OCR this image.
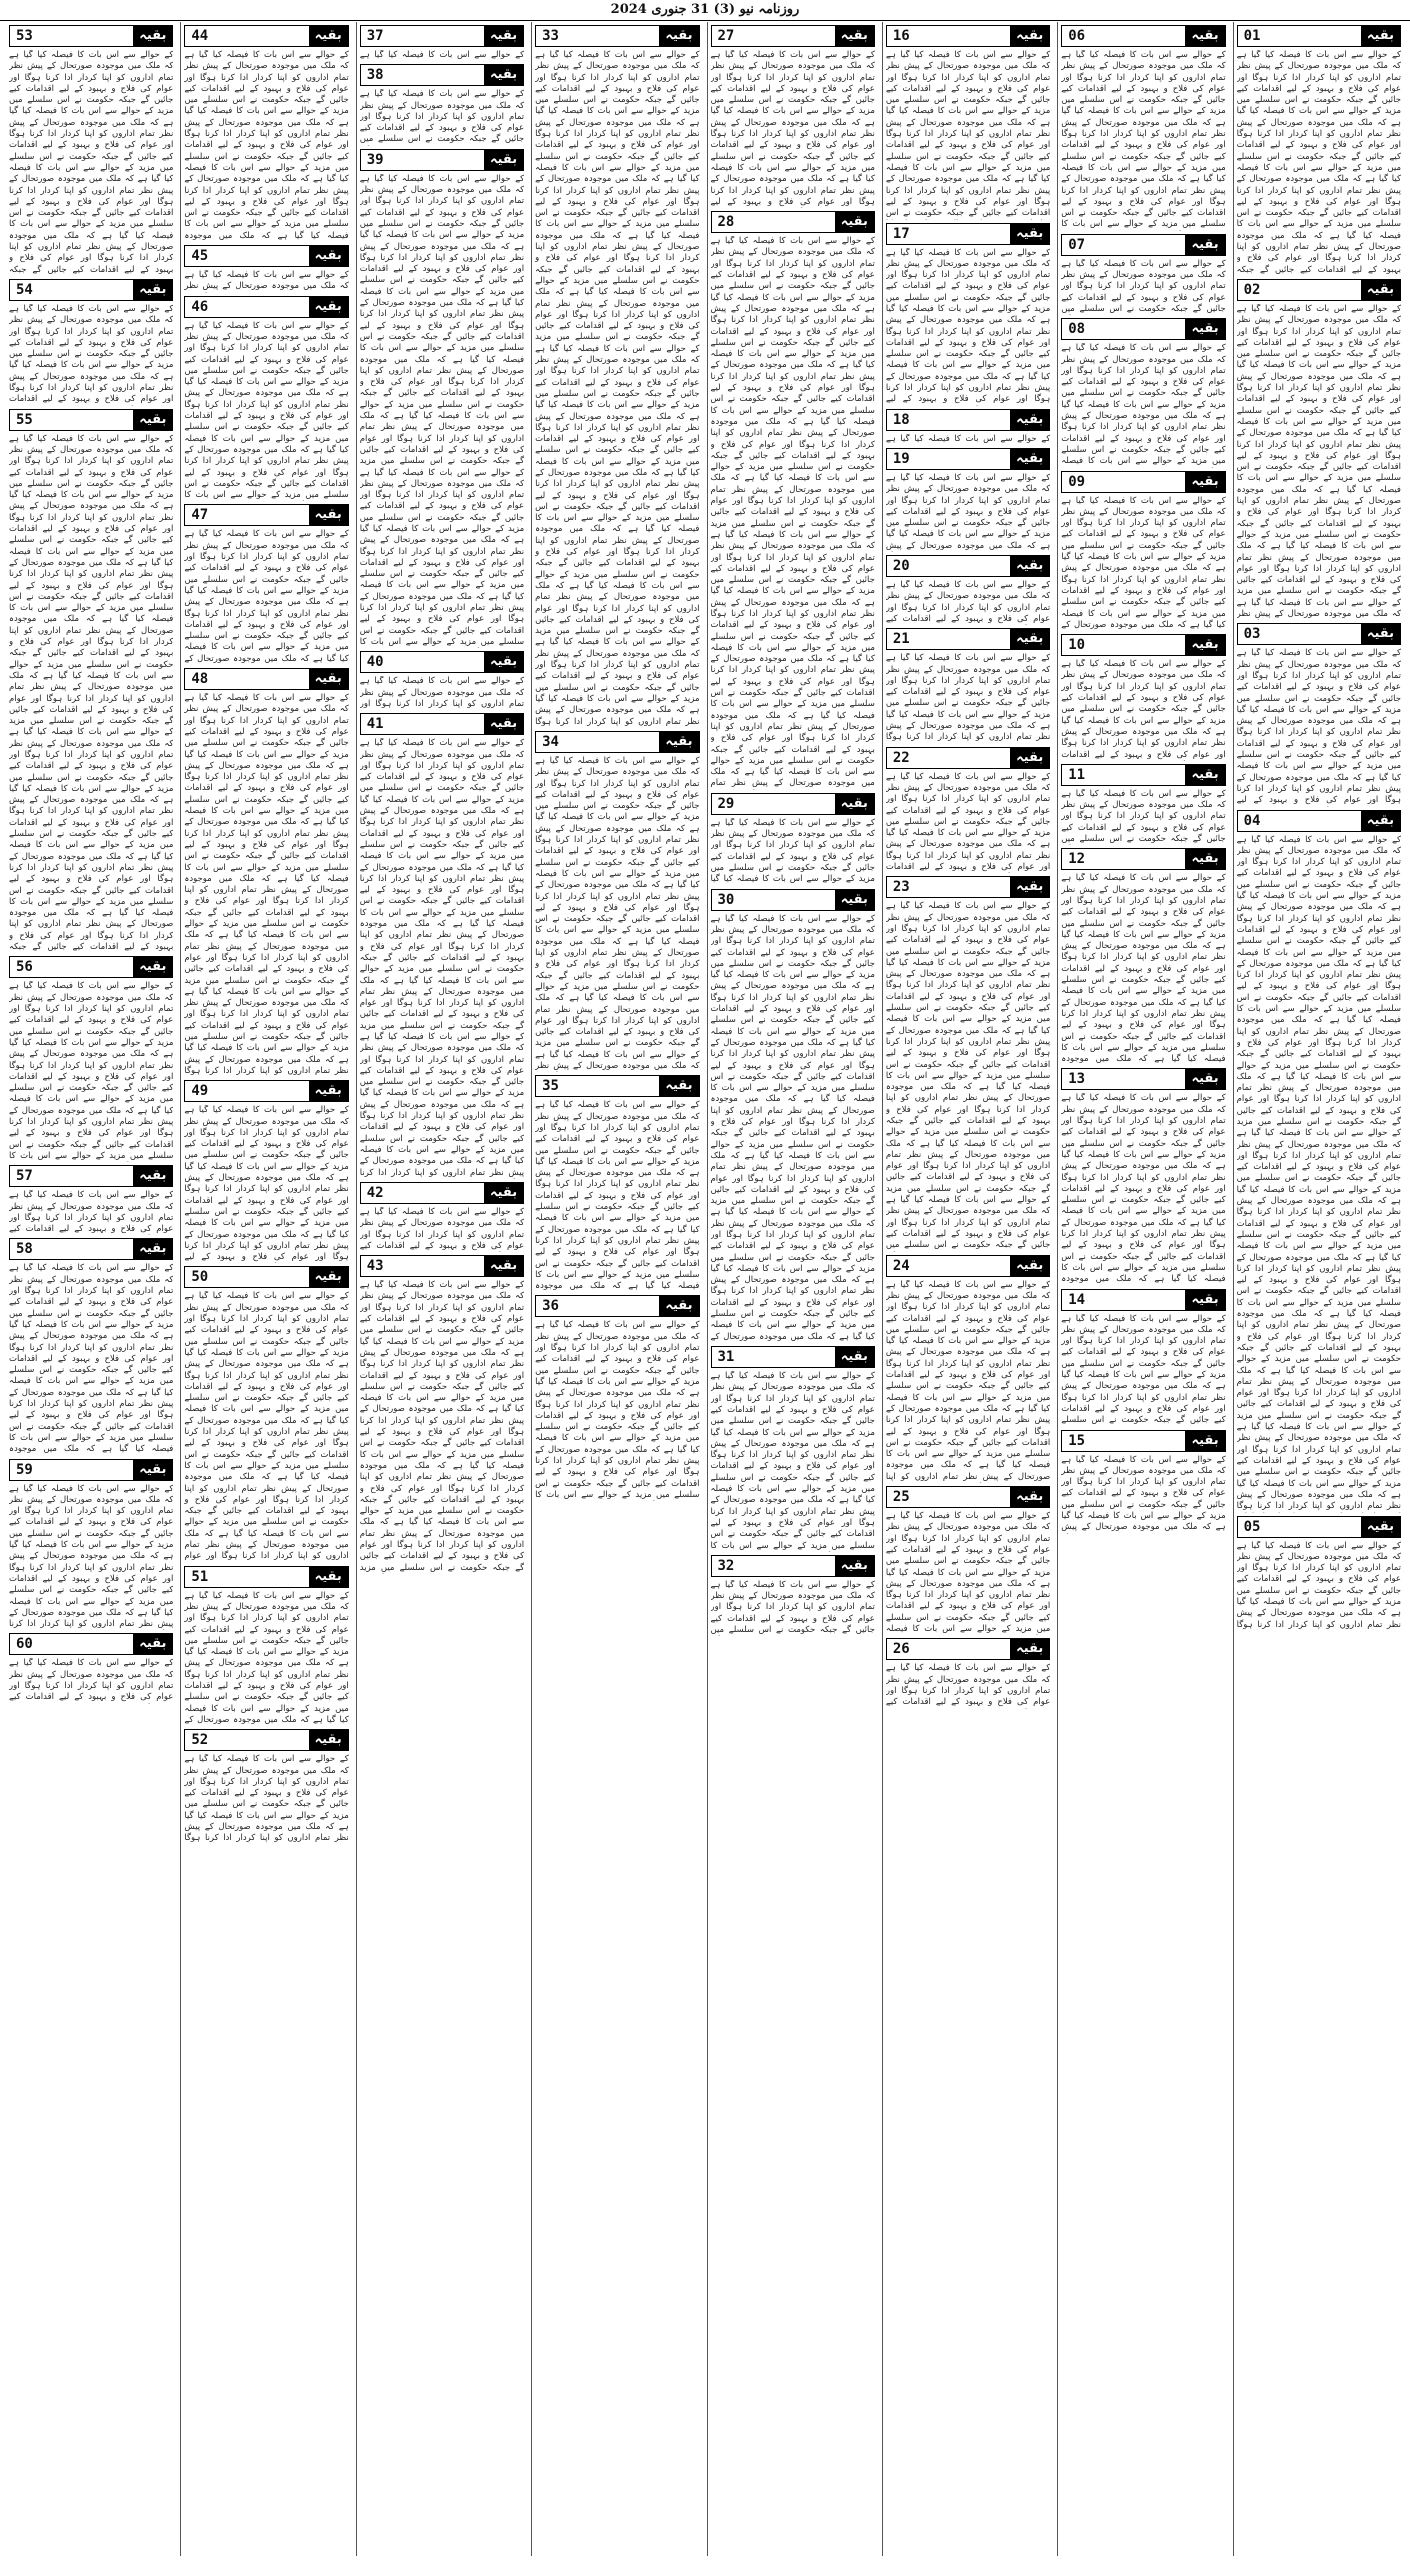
روزنامہ نیو (3) 31 جنوری 2024
بقیہ
01

کے حوالے سے اس بات کا فیصلہ کیا گیا ہے کہ ملک میں موجودہ صورتحال کے پیش نظر تمام اداروں کو اپنا کردار ادا کرنا ہوگا اور عوام کی فلاح و بہبود کے لیے اقدامات کیے جائیں گے جبکہ حکومت نے اس سلسلے میں مزید کے حوالے سے اس بات کا فیصلہ کیا گیا ہے کہ ملک میں موجودہ صورتحال کے پیش نظر تمام اداروں کو اپنا کردار ادا کرنا ہوگا اور عوام کی فلاح و بہبود کے لیے اقدامات کیے جائیں گے جبکہ حکومت نے اس سلسلے میں مزید کے حوالے سے اس بات کا فیصلہ کیا گیا ہے کہ ملک میں موجودہ صورتحال کے پیش نظر تمام اداروں کو اپنا کردار ادا کرنا ہوگا اور عوام کی فلاح و بہبود کے لیے اقدامات کیے جائیں گے جبکہ حکومت نے اس سلسلے میں مزید کے حوالے سے اس بات کا فیصلہ کیا گیا ہے کہ ملک میں موجودہ صورتحال کے پیش نظر تمام اداروں کو اپنا کردار ادا کرنا ہوگا اور عوام کی فلاح و بہبود کے لیے اقدامات کیے جائیں گے جبکہ

بقیہ
02

کے حوالے سے اس بات کا فیصلہ کیا گیا ہے کہ ملک میں موجودہ صورتحال کے پیش نظر تمام اداروں کو اپنا کردار ادا کرنا ہوگا اور عوام کی فلاح و بہبود کے لیے اقدامات کیے جائیں گے جبکہ حکومت نے اس سلسلے میں مزید کے حوالے سے اس بات کا فیصلہ کیا گیا ہے کہ ملک میں موجودہ صورتحال کے پیش نظر تمام اداروں کو اپنا کردار ادا کرنا ہوگا اور عوام کی فلاح و بہبود کے لیے اقدامات کیے جائیں گے جبکہ حکومت نے اس سلسلے میں مزید کے حوالے سے اس بات کا فیصلہ کیا گیا ہے کہ ملک میں موجودہ صورتحال کے پیش نظر تمام اداروں کو اپنا کردار ادا کرنا ہوگا اور عوام کی فلاح و بہبود کے لیے اقدامات کیے جائیں گے جبکہ حکومت نے اس سلسلے میں مزید کے حوالے سے اس بات کا فیصلہ کیا گیا ہے کہ ملک میں موجودہ صورتحال کے پیش نظر تمام اداروں کو اپنا کردار ادا کرنا ہوگا اور عوام کی فلاح و بہبود کے لیے اقدامات کیے جائیں گے جبکہ حکومت نے اس سلسلے میں مزید کے حوالے سے اس بات کا فیصلہ کیا گیا ہے کہ ملک میں موجودہ صورتحال کے پیش نظر تمام اداروں کو اپنا کردار ادا کرنا ہوگا اور عوام کی فلاح و بہبود کے لیے اقدامات کیے جائیں گے جبکہ حکومت نے اس سلسلے میں مزید کے حوالے سے اس بات کا فیصلہ کیا گیا ہے کہ ملک میں موجودہ صورتحال کے پیش نظر

بقیہ
03

کے حوالے سے اس بات کا فیصلہ کیا گیا ہے کہ ملک میں موجودہ صورتحال کے پیش نظر تمام اداروں کو اپنا کردار ادا کرنا ہوگا اور عوام کی فلاح و بہبود کے لیے اقدامات کیے جائیں گے جبکہ حکومت نے اس سلسلے میں مزید کے حوالے سے اس بات کا فیصلہ کیا گیا ہے کہ ملک میں موجودہ صورتحال کے پیش نظر تمام اداروں کو اپنا کردار ادا کرنا ہوگا اور عوام کی فلاح و بہبود کے لیے اقدامات کیے جائیں گے جبکہ حکومت نے اس سلسلے میں مزید کے حوالے سے اس بات کا فیصلہ کیا گیا ہے کہ ملک میں موجودہ صورتحال کے پیش نظر تمام اداروں کو اپنا کردار ادا کرنا ہوگا اور عوام کی فلاح و بہبود کے لیے

بقیہ
04

کے حوالے سے اس بات کا فیصلہ کیا گیا ہے کہ ملک میں موجودہ صورتحال کے پیش نظر تمام اداروں کو اپنا کردار ادا کرنا ہوگا اور عوام کی فلاح و بہبود کے لیے اقدامات کیے جائیں گے جبکہ حکومت نے اس سلسلے میں مزید کے حوالے سے اس بات کا فیصلہ کیا گیا ہے کہ ملک میں موجودہ صورتحال کے پیش نظر تمام اداروں کو اپنا کردار ادا کرنا ہوگا اور عوام کی فلاح و بہبود کے لیے اقدامات کیے جائیں گے جبکہ حکومت نے اس سلسلے میں مزید کے حوالے سے اس بات کا فیصلہ کیا گیا ہے کہ ملک میں موجودہ صورتحال کے پیش نظر تمام اداروں کو اپنا کردار ادا کرنا ہوگا اور عوام کی فلاح و بہبود کے لیے اقدامات کیے جائیں گے جبکہ حکومت نے اس سلسلے میں مزید کے حوالے سے اس بات کا فیصلہ کیا گیا ہے کہ ملک میں موجودہ صورتحال کے پیش نظر تمام اداروں کو اپنا کردار ادا کرنا ہوگا اور عوام کی فلاح و بہبود کے لیے اقدامات کیے جائیں گے جبکہ حکومت نے اس سلسلے میں مزید کے حوالے سے اس بات کا فیصلہ کیا گیا ہے کہ ملک میں موجودہ صورتحال کے پیش نظر تمام اداروں کو اپنا کردار ادا کرنا ہوگا اور عوام کی فلاح و بہبود کے لیے اقدامات کیے جائیں گے جبکہ حکومت نے اس سلسلے میں مزید کے حوالے سے اس بات کا فیصلہ کیا گیا ہے کہ ملک میں موجودہ صورتحال کے پیش نظر تمام اداروں کو اپنا کردار ادا کرنا ہوگا اور عوام کی فلاح و بہبود کے لیے اقدامات کیے جائیں گے جبکہ حکومت نے اس سلسلے میں مزید کے حوالے سے اس بات کا فیصلہ کیا گیا ہے کہ ملک میں موجودہ صورتحال کے پیش نظر تمام اداروں کو اپنا کردار ادا کرنا ہوگا اور عوام کی فلاح و بہبود کے لیے اقدامات کیے جائیں گے جبکہ حکومت نے اس سلسلے میں مزید کے حوالے سے اس بات کا فیصلہ کیا گیا ہے کہ ملک میں موجودہ صورتحال کے پیش نظر تمام اداروں کو اپنا کردار ادا کرنا ہوگا اور عوام کی فلاح و بہبود کے لیے اقدامات کیے جائیں گے جبکہ حکومت نے اس سلسلے میں مزید کے حوالے سے اس بات کا فیصلہ کیا گیا ہے کہ ملک میں موجودہ صورتحال کے پیش نظر تمام اداروں کو اپنا کردار ادا کرنا ہوگا اور عوام کی فلاح و بہبود کے لیے اقدامات کیے جائیں گے جبکہ حکومت نے اس سلسلے میں مزید کے حوالے سے اس بات کا فیصلہ کیا گیا ہے کہ ملک میں موجودہ صورتحال کے پیش نظر تمام اداروں کو اپنا کردار ادا کرنا ہوگا اور عوام کی فلاح و بہبود کے لیے اقدامات کیے جائیں گے جبکہ حکومت نے اس سلسلے میں مزید کے حوالے سے اس بات کا فیصلہ کیا گیا ہے کہ ملک میں موجودہ صورتحال کے پیش نظر تمام اداروں کو اپنا کردار ادا کرنا ہوگا اور عوام کی فلاح و بہبود کے لیے اقدامات کیے جائیں گے جبکہ حکومت نے اس سلسلے میں مزید کے حوالے سے اس بات کا فیصلہ کیا گیا ہے کہ ملک میں موجودہ صورتحال کے پیش نظر تمام اداروں کو اپنا کردار ادا کرنا ہوگا

بقیہ
05

کے حوالے سے اس بات کا فیصلہ کیا گیا ہے کہ ملک میں موجودہ صورتحال کے پیش نظر تمام اداروں کو اپنا کردار ادا کرنا ہوگا اور عوام کی فلاح و بہبود کے لیے اقدامات کیے جائیں گے جبکہ حکومت نے اس سلسلے میں مزید کے حوالے سے اس بات کا فیصلہ کیا گیا ہے کہ ملک میں موجودہ صورتحال کے پیش نظر تمام اداروں کو اپنا کردار ادا کرنا ہوگا

بقیہ
06

کے حوالے سے اس بات کا فیصلہ کیا گیا ہے کہ ملک میں موجودہ صورتحال کے پیش نظر تمام اداروں کو اپنا کردار ادا کرنا ہوگا اور عوام کی فلاح و بہبود کے لیے اقدامات کیے جائیں گے جبکہ حکومت نے اس سلسلے میں مزید کے حوالے سے اس بات کا فیصلہ کیا گیا ہے کہ ملک میں موجودہ صورتحال کے پیش نظر تمام اداروں کو اپنا کردار ادا کرنا ہوگا اور عوام کی فلاح و بہبود کے لیے اقدامات کیے جائیں گے جبکہ حکومت نے اس سلسلے میں مزید کے حوالے سے اس بات کا فیصلہ کیا گیا ہے کہ ملک میں موجودہ صورتحال کے پیش نظر تمام اداروں کو اپنا کردار ادا کرنا ہوگا اور عوام کی فلاح و بہبود کے لیے اقدامات کیے جائیں گے جبکہ حکومت نے اس سلسلے میں مزید کے حوالے سے اس بات کا

بقیہ
07

کے حوالے سے اس بات کا فیصلہ کیا گیا ہے کہ ملک میں موجودہ صورتحال کے پیش نظر تمام اداروں کو اپنا کردار ادا کرنا ہوگا اور عوام کی فلاح و بہبود کے لیے اقدامات کیے جائیں گے جبکہ حکومت نے اس سلسلے میں

بقیہ
08

کے حوالے سے اس بات کا فیصلہ کیا گیا ہے کہ ملک میں موجودہ صورتحال کے پیش نظر تمام اداروں کو اپنا کردار ادا کرنا ہوگا اور عوام کی فلاح و بہبود کے لیے اقدامات کیے جائیں گے جبکہ حکومت نے اس سلسلے میں مزید کے حوالے سے اس بات کا فیصلہ کیا گیا ہے کہ ملک میں موجودہ صورتحال کے پیش نظر تمام اداروں کو اپنا کردار ادا کرنا ہوگا اور عوام کی فلاح و بہبود کے لیے اقدامات کیے جائیں گے جبکہ حکومت نے اس سلسلے میں مزید کے حوالے سے اس بات کا فیصلہ

بقیہ
09

کے حوالے سے اس بات کا فیصلہ کیا گیا ہے کہ ملک میں موجودہ صورتحال کے پیش نظر تمام اداروں کو اپنا کردار ادا کرنا ہوگا اور عوام کی فلاح و بہبود کے لیے اقدامات کیے جائیں گے جبکہ حکومت نے اس سلسلے میں مزید کے حوالے سے اس بات کا فیصلہ کیا گیا ہے کہ ملک میں موجودہ صورتحال کے پیش نظر تمام اداروں کو اپنا کردار ادا کرنا ہوگا اور عوام کی فلاح و بہبود کے لیے اقدامات کیے جائیں گے جبکہ حکومت نے اس سلسلے میں مزید کے حوالے سے اس بات کا فیصلہ کیا گیا ہے کہ ملک میں موجودہ صورتحال کے

بقیہ
10

کے حوالے سے اس بات کا فیصلہ کیا گیا ہے کہ ملک میں موجودہ صورتحال کے پیش نظر تمام اداروں کو اپنا کردار ادا کرنا ہوگا اور عوام کی فلاح و بہبود کے لیے اقدامات کیے جائیں گے جبکہ حکومت نے اس سلسلے میں مزید کے حوالے سے اس بات کا فیصلہ کیا گیا ہے کہ ملک میں موجودہ صورتحال کے پیش نظر تمام اداروں کو اپنا کردار ادا کرنا ہوگا اور عوام کی فلاح و بہبود کے لیے اقدامات

بقیہ
11

کے حوالے سے اس بات کا فیصلہ کیا گیا ہے کہ ملک میں موجودہ صورتحال کے پیش نظر تمام اداروں کو اپنا کردار ادا کرنا ہوگا اور عوام کی فلاح و بہبود کے لیے اقدامات کیے جائیں گے جبکہ حکومت نے اس سلسلے میں

بقیہ
12

کے حوالے سے اس بات کا فیصلہ کیا گیا ہے کہ ملک میں موجودہ صورتحال کے پیش نظر تمام اداروں کو اپنا کردار ادا کرنا ہوگا اور عوام کی فلاح و بہبود کے لیے اقدامات کیے جائیں گے جبکہ حکومت نے اس سلسلے میں مزید کے حوالے سے اس بات کا فیصلہ کیا گیا ہے کہ ملک میں موجودہ صورتحال کے پیش نظر تمام اداروں کو اپنا کردار ادا کرنا ہوگا اور عوام کی فلاح و بہبود کے لیے اقدامات کیے جائیں گے جبکہ حکومت نے اس سلسلے میں مزید کے حوالے سے اس بات کا فیصلہ کیا گیا ہے کہ ملک میں موجودہ صورتحال کے پیش نظر تمام اداروں کو اپنا کردار ادا کرنا ہوگا اور عوام کی فلاح و بہبود کے لیے اقدامات کیے جائیں گے جبکہ حکومت نے اس سلسلے میں مزید کے حوالے سے اس بات کا فیصلہ کیا گیا ہے کہ ملک میں موجودہ

بقیہ
13

کے حوالے سے اس بات کا فیصلہ کیا گیا ہے کہ ملک میں موجودہ صورتحال کے پیش نظر تمام اداروں کو اپنا کردار ادا کرنا ہوگا اور عوام کی فلاح و بہبود کے لیے اقدامات کیے جائیں گے جبکہ حکومت نے اس سلسلے میں مزید کے حوالے سے اس بات کا فیصلہ کیا گیا ہے کہ ملک میں موجودہ صورتحال کے پیش نظر تمام اداروں کو اپنا کردار ادا کرنا ہوگا اور عوام کی فلاح و بہبود کے لیے اقدامات کیے جائیں گے جبکہ حکومت نے اس سلسلے میں مزید کے حوالے سے اس بات کا فیصلہ کیا گیا ہے کہ ملک میں موجودہ صورتحال کے پیش نظر تمام اداروں کو اپنا کردار ادا کرنا ہوگا اور عوام کی فلاح و بہبود کے لیے اقدامات کیے جائیں گے جبکہ حکومت نے اس سلسلے میں مزید کے حوالے سے اس بات کا فیصلہ کیا گیا ہے کہ ملک میں موجودہ

بقیہ
14

کے حوالے سے اس بات کا فیصلہ کیا گیا ہے کہ ملک میں موجودہ صورتحال کے پیش نظر تمام اداروں کو اپنا کردار ادا کرنا ہوگا اور عوام کی فلاح و بہبود کے لیے اقدامات کیے جائیں گے جبکہ حکومت نے اس سلسلے میں مزید کے حوالے سے اس بات کا فیصلہ کیا گیا ہے کہ ملک میں موجودہ صورتحال کے پیش نظر تمام اداروں کو اپنا کردار ادا کرنا ہوگا اور عوام کی فلاح و بہبود کے لیے اقدامات کیے جائیں گے جبکہ حکومت نے اس سلسلے

بقیہ
15

کے حوالے سے اس بات کا فیصلہ کیا گیا ہے کہ ملک میں موجودہ صورتحال کے پیش نظر تمام اداروں کو اپنا کردار ادا کرنا ہوگا اور عوام کی فلاح و بہبود کے لیے اقدامات کیے جائیں گے جبکہ حکومت نے اس سلسلے میں مزید کے حوالے سے اس بات کا فیصلہ کیا گیا ہے کہ ملک میں موجودہ صورتحال کے پیش

بقیہ
16

کے حوالے سے اس بات کا فیصلہ کیا گیا ہے کہ ملک میں موجودہ صورتحال کے پیش نظر تمام اداروں کو اپنا کردار ادا کرنا ہوگا اور عوام کی فلاح و بہبود کے لیے اقدامات کیے جائیں گے جبکہ حکومت نے اس سلسلے میں مزید کے حوالے سے اس بات کا فیصلہ کیا گیا ہے کہ ملک میں موجودہ صورتحال کے پیش نظر تمام اداروں کو اپنا کردار ادا کرنا ہوگا اور عوام کی فلاح و بہبود کے لیے اقدامات کیے جائیں گے جبکہ حکومت نے اس سلسلے میں مزید کے حوالے سے اس بات کا فیصلہ کیا گیا ہے کہ ملک میں موجودہ صورتحال کے پیش نظر تمام اداروں کو اپنا کردار ادا کرنا ہوگا اور عوام کی فلاح و بہبود کے لیے اقدامات کیے جائیں گے جبکہ حکومت نے اس

بقیہ
17

کے حوالے سے اس بات کا فیصلہ کیا گیا ہے کہ ملک میں موجودہ صورتحال کے پیش نظر تمام اداروں کو اپنا کردار ادا کرنا ہوگا اور عوام کی فلاح و بہبود کے لیے اقدامات کیے جائیں گے جبکہ حکومت نے اس سلسلے میں مزید کے حوالے سے اس بات کا فیصلہ کیا گیا ہے کہ ملک میں موجودہ صورتحال کے پیش نظر تمام اداروں کو اپنا کردار ادا کرنا ہوگا اور عوام کی فلاح و بہبود کے لیے اقدامات کیے جائیں گے جبکہ حکومت نے اس سلسلے میں مزید کے حوالے سے اس بات کا فیصلہ کیا گیا ہے کہ ملک میں موجودہ صورتحال کے پیش نظر تمام اداروں کو اپنا کردار ادا کرنا ہوگا اور عوام کی فلاح و بہبود کے لیے

بقیہ
18

کے حوالے سے اس بات کا فیصلہ کیا گیا ہے

بقیہ
19

کے حوالے سے اس بات کا فیصلہ کیا گیا ہے کہ ملک میں موجودہ صورتحال کے پیش نظر تمام اداروں کو اپنا کردار ادا کرنا ہوگا اور عوام کی فلاح و بہبود کے لیے اقدامات کیے جائیں گے جبکہ حکومت نے اس سلسلے میں مزید کے حوالے سے اس بات کا فیصلہ کیا گیا ہے کہ ملک میں موجودہ صورتحال کے پیش

بقیہ
20

کے حوالے سے اس بات کا فیصلہ کیا گیا ہے کہ ملک میں موجودہ صورتحال کے پیش نظر تمام اداروں کو اپنا کردار ادا کرنا ہوگا اور عوام کی فلاح و بہبود کے لیے اقدامات کیے

بقیہ
21

کے حوالے سے اس بات کا فیصلہ کیا گیا ہے کہ ملک میں موجودہ صورتحال کے پیش نظر تمام اداروں کو اپنا کردار ادا کرنا ہوگا اور عوام کی فلاح و بہبود کے لیے اقدامات کیے جائیں گے جبکہ حکومت نے اس سلسلے میں مزید کے حوالے سے اس بات کا فیصلہ کیا گیا ہے کہ ملک میں موجودہ صورتحال کے پیش نظر تمام اداروں کو اپنا کردار ادا کرنا ہوگا

بقیہ
22

کے حوالے سے اس بات کا فیصلہ کیا گیا ہے کہ ملک میں موجودہ صورتحال کے پیش نظر تمام اداروں کو اپنا کردار ادا کرنا ہوگا اور عوام کی فلاح و بہبود کے لیے اقدامات کیے جائیں گے جبکہ حکومت نے اس سلسلے میں مزید کے حوالے سے اس بات کا فیصلہ کیا گیا ہے کہ ملک میں موجودہ صورتحال کے پیش نظر تمام اداروں کو اپنا کردار ادا کرنا ہوگا اور عوام کی فلاح و بہبود کے لیے اقدامات

بقیہ
23

کے حوالے سے اس بات کا فیصلہ کیا گیا ہے کہ ملک میں موجودہ صورتحال کے پیش نظر تمام اداروں کو اپنا کردار ادا کرنا ہوگا اور عوام کی فلاح و بہبود کے لیے اقدامات کیے جائیں گے جبکہ حکومت نے اس سلسلے میں مزید کے حوالے سے اس بات کا فیصلہ کیا گیا ہے کہ ملک میں موجودہ صورتحال کے پیش نظر تمام اداروں کو اپنا کردار ادا کرنا ہوگا اور عوام کی فلاح و بہبود کے لیے اقدامات کیے جائیں گے جبکہ حکومت نے اس سلسلے میں مزید کے حوالے سے اس بات کا فیصلہ کیا گیا ہے کہ ملک میں موجودہ صورتحال کے پیش نظر تمام اداروں کو اپنا کردار ادا کرنا ہوگا اور عوام کی فلاح و بہبود کے لیے اقدامات کیے جائیں گے جبکہ حکومت نے اس سلسلے میں مزید کے حوالے سے اس بات کا فیصلہ کیا گیا ہے کہ ملک میں موجودہ صورتحال کے پیش نظر تمام اداروں کو اپنا کردار ادا کرنا ہوگا اور عوام کی فلاح و بہبود کے لیے اقدامات کیے جائیں گے جبکہ حکومت نے اس سلسلے میں مزید کے حوالے سے اس بات کا فیصلہ کیا گیا ہے کہ ملک میں موجودہ صورتحال کے پیش نظر تمام اداروں کو اپنا کردار ادا کرنا ہوگا اور عوام کی فلاح و بہبود کے لیے اقدامات کیے جائیں گے جبکہ حکومت نے اس سلسلے میں مزید کے حوالے سے اس بات کا فیصلہ کیا گیا ہے کہ ملک میں موجودہ صورتحال کے پیش نظر تمام اداروں کو اپنا کردار ادا کرنا ہوگا اور عوام کی فلاح و بہبود کے لیے اقدامات کیے جائیں گے جبکہ حکومت نے اس سلسلے میں

بقیہ
24

کے حوالے سے اس بات کا فیصلہ کیا گیا ہے کہ ملک میں موجودہ صورتحال کے پیش نظر تمام اداروں کو اپنا کردار ادا کرنا ہوگا اور عوام کی فلاح و بہبود کے لیے اقدامات کیے جائیں گے جبکہ حکومت نے اس سلسلے میں مزید کے حوالے سے اس بات کا فیصلہ کیا گیا ہے کہ ملک میں موجودہ صورتحال کے پیش نظر تمام اداروں کو اپنا کردار ادا کرنا ہوگا اور عوام کی فلاح و بہبود کے لیے اقدامات کیے جائیں گے جبکہ حکومت نے اس سلسلے میں مزید کے حوالے سے اس بات کا فیصلہ کیا گیا ہے کہ ملک میں موجودہ صورتحال کے پیش نظر تمام اداروں کو اپنا کردار ادا کرنا ہوگا اور عوام کی فلاح و بہبود کے لیے اقدامات کیے جائیں گے جبکہ حکومت نے اس سلسلے میں مزید کے حوالے سے اس بات کا فیصلہ کیا گیا ہے کہ ملک میں موجودہ صورتحال کے پیش نظر تمام اداروں کو اپنا

بقیہ
25

کے حوالے سے اس بات کا فیصلہ کیا گیا ہے کہ ملک میں موجودہ صورتحال کے پیش نظر تمام اداروں کو اپنا کردار ادا کرنا ہوگا اور عوام کی فلاح و بہبود کے لیے اقدامات کیے جائیں گے جبکہ حکومت نے اس سلسلے میں مزید کے حوالے سے اس بات کا فیصلہ کیا گیا ہے کہ ملک میں موجودہ صورتحال کے پیش نظر تمام اداروں کو اپنا کردار ادا کرنا ہوگا اور عوام کی فلاح و بہبود کے لیے اقدامات کیے جائیں گے جبکہ حکومت نے اس سلسلے میں مزید کے حوالے سے اس بات کا فیصلہ

بقیہ
26

کے حوالے سے اس بات کا فیصلہ کیا گیا ہے کہ ملک میں موجودہ صورتحال کے پیش نظر تمام اداروں کو اپنا کردار ادا کرنا ہوگا اور عوام کی فلاح و بہبود کے لیے اقدامات کیے

بقیہ
27

کے حوالے سے اس بات کا فیصلہ کیا گیا ہے کہ ملک میں موجودہ صورتحال کے پیش نظر تمام اداروں کو اپنا کردار ادا کرنا ہوگا اور عوام کی فلاح و بہبود کے لیے اقدامات کیے جائیں گے جبکہ حکومت نے اس سلسلے میں مزید کے حوالے سے اس بات کا فیصلہ کیا گیا ہے کہ ملک میں موجودہ صورتحال کے پیش نظر تمام اداروں کو اپنا کردار ادا کرنا ہوگا اور عوام کی فلاح و بہبود کے لیے اقدامات کیے جائیں گے جبکہ حکومت نے اس سلسلے میں مزید کے حوالے سے اس بات کا فیصلہ کیا گیا ہے کہ ملک میں موجودہ صورتحال کے پیش نظر تمام اداروں کو اپنا کردار ادا کرنا ہوگا اور عوام کی فلاح و بہبود کے لیے

بقیہ
28

کے حوالے سے اس بات کا فیصلہ کیا گیا ہے کہ ملک میں موجودہ صورتحال کے پیش نظر تمام اداروں کو اپنا کردار ادا کرنا ہوگا اور عوام کی فلاح و بہبود کے لیے اقدامات کیے جائیں گے جبکہ حکومت نے اس سلسلے میں مزید کے حوالے سے اس بات کا فیصلہ کیا گیا ہے کہ ملک میں موجودہ صورتحال کے پیش نظر تمام اداروں کو اپنا کردار ادا کرنا ہوگا اور عوام کی فلاح و بہبود کے لیے اقدامات کیے جائیں گے جبکہ حکومت نے اس سلسلے میں مزید کے حوالے سے اس بات کا فیصلہ کیا گیا ہے کہ ملک میں موجودہ صورتحال کے پیش نظر تمام اداروں کو اپنا کردار ادا کرنا ہوگا اور عوام کی فلاح و بہبود کے لیے اقدامات کیے جائیں گے جبکہ حکومت نے اس سلسلے میں مزید کے حوالے سے اس بات کا فیصلہ کیا گیا ہے کہ ملک میں موجودہ صورتحال کے پیش نظر تمام اداروں کو اپنا کردار ادا کرنا ہوگا اور عوام کی فلاح و بہبود کے لیے اقدامات کیے جائیں گے جبکہ حکومت نے اس سلسلے میں مزید کے حوالے سے اس بات کا فیصلہ کیا گیا ہے کہ ملک میں موجودہ صورتحال کے پیش نظر تمام اداروں کو اپنا کردار ادا کرنا ہوگا اور عوام کی فلاح و بہبود کے لیے اقدامات کیے جائیں گے جبکہ حکومت نے اس سلسلے میں مزید کے حوالے سے اس بات کا فیصلہ کیا گیا ہے کہ ملک میں موجودہ صورتحال کے پیش نظر تمام اداروں کو اپنا کردار ادا کرنا ہوگا اور عوام کی فلاح و بہبود کے لیے اقدامات کیے جائیں گے جبکہ حکومت نے اس سلسلے میں مزید کے حوالے سے اس بات کا فیصلہ کیا گیا ہے کہ ملک میں موجودہ صورتحال کے پیش نظر تمام اداروں کو اپنا کردار ادا کرنا ہوگا اور عوام کی فلاح و بہبود کے لیے اقدامات کیے جائیں گے جبکہ حکومت نے اس سلسلے میں مزید کے حوالے سے اس بات کا فیصلہ کیا گیا ہے کہ ملک میں موجودہ صورتحال کے پیش نظر تمام اداروں کو اپنا کردار ادا کرنا ہوگا اور عوام کی فلاح و بہبود کے لیے اقدامات کیے جائیں گے جبکہ حکومت نے اس سلسلے میں مزید کے حوالے سے اس بات کا فیصلہ کیا گیا ہے کہ ملک میں موجودہ صورتحال کے پیش نظر تمام اداروں کو اپنا کردار ادا کرنا ہوگا اور عوام کی فلاح و بہبود کے لیے اقدامات کیے جائیں گے جبکہ حکومت نے اس سلسلے میں مزید کے حوالے سے اس بات کا فیصلہ کیا گیا ہے کہ ملک میں موجودہ صورتحال کے پیش نظر تمام

بقیہ
29

کے حوالے سے اس بات کا فیصلہ کیا گیا ہے کہ ملک میں موجودہ صورتحال کے پیش نظر تمام اداروں کو اپنا کردار ادا کرنا ہوگا اور عوام کی فلاح و بہبود کے لیے اقدامات کیے جائیں گے جبکہ حکومت نے اس سلسلے میں مزید کے حوالے سے اس بات کا فیصلہ کیا گیا

بقیہ
30

کے حوالے سے اس بات کا فیصلہ کیا گیا ہے کہ ملک میں موجودہ صورتحال کے پیش نظر تمام اداروں کو اپنا کردار ادا کرنا ہوگا اور عوام کی فلاح و بہبود کے لیے اقدامات کیے جائیں گے جبکہ حکومت نے اس سلسلے میں مزید کے حوالے سے اس بات کا فیصلہ کیا گیا ہے کہ ملک میں موجودہ صورتحال کے پیش نظر تمام اداروں کو اپنا کردار ادا کرنا ہوگا اور عوام کی فلاح و بہبود کے لیے اقدامات کیے جائیں گے جبکہ حکومت نے اس سلسلے میں مزید کے حوالے سے اس بات کا فیصلہ کیا گیا ہے کہ ملک میں موجودہ صورتحال کے پیش نظر تمام اداروں کو اپنا کردار ادا کرنا ہوگا اور عوام کی فلاح و بہبود کے لیے اقدامات کیے جائیں گے جبکہ حکومت نے اس سلسلے میں مزید کے حوالے سے اس بات کا فیصلہ کیا گیا ہے کہ ملک میں موجودہ صورتحال کے پیش نظر تمام اداروں کو اپنا کردار ادا کرنا ہوگا اور عوام کی فلاح و بہبود کے لیے اقدامات کیے جائیں گے جبکہ حکومت نے اس سلسلے میں مزید کے حوالے سے اس بات کا فیصلہ کیا گیا ہے کہ ملک میں موجودہ صورتحال کے پیش نظر تمام اداروں کو اپنا کردار ادا کرنا ہوگا اور عوام کی فلاح و بہبود کے لیے اقدامات کیے جائیں گے جبکہ حکومت نے اس سلسلے میں مزید کے حوالے سے اس بات کا فیصلہ کیا گیا ہے کہ ملک میں موجودہ صورتحال کے پیش نظر تمام اداروں کو اپنا کردار ادا کرنا ہوگا اور عوام کی فلاح و بہبود کے لیے اقدامات کیے جائیں گے جبکہ حکومت نے اس سلسلے میں مزید کے حوالے سے اس بات کا فیصلہ کیا گیا ہے کہ ملک میں موجودہ صورتحال کے پیش نظر تمام اداروں کو اپنا کردار ادا کرنا ہوگا اور عوام کی فلاح و بہبود کے لیے اقدامات کیے جائیں گے جبکہ حکومت نے اس سلسلے میں مزید کے حوالے سے اس بات کا فیصلہ کیا گیا ہے کہ ملک میں موجودہ صورتحال کے

بقیہ
31

کے حوالے سے اس بات کا فیصلہ کیا گیا ہے کہ ملک میں موجودہ صورتحال کے پیش نظر تمام اداروں کو اپنا کردار ادا کرنا ہوگا اور عوام کی فلاح و بہبود کے لیے اقدامات کیے جائیں گے جبکہ حکومت نے اس سلسلے میں مزید کے حوالے سے اس بات کا فیصلہ کیا گیا ہے کہ ملک میں موجودہ صورتحال کے پیش نظر تمام اداروں کو اپنا کردار ادا کرنا ہوگا اور عوام کی فلاح و بہبود کے لیے اقدامات کیے جائیں گے جبکہ حکومت نے اس سلسلے میں مزید کے حوالے سے اس بات کا فیصلہ کیا گیا ہے کہ ملک میں موجودہ صورتحال کے پیش نظر تمام اداروں کو اپنا کردار ادا کرنا ہوگا اور عوام کی فلاح و بہبود کے لیے اقدامات کیے جائیں گے جبکہ حکومت نے اس سلسلے میں مزید کے حوالے سے اس بات کا

بقیہ
32

کے حوالے سے اس بات کا فیصلہ کیا گیا ہے کہ ملک میں موجودہ صورتحال کے پیش نظر تمام اداروں کو اپنا کردار ادا کرنا ہوگا اور عوام کی فلاح و بہبود کے لیے اقدامات کیے جائیں گے جبکہ حکومت نے اس سلسلے میں

بقیہ
33

کے حوالے سے اس بات کا فیصلہ کیا گیا ہے کہ ملک میں موجودہ صورتحال کے پیش نظر تمام اداروں کو اپنا کردار ادا کرنا ہوگا اور عوام کی فلاح و بہبود کے لیے اقدامات کیے جائیں گے جبکہ حکومت نے اس سلسلے میں مزید کے حوالے سے اس بات کا فیصلہ کیا گیا ہے کہ ملک میں موجودہ صورتحال کے پیش نظر تمام اداروں کو اپنا کردار ادا کرنا ہوگا اور عوام کی فلاح و بہبود کے لیے اقدامات کیے جائیں گے جبکہ حکومت نے اس سلسلے میں مزید کے حوالے سے اس بات کا فیصلہ کیا گیا ہے کہ ملک میں موجودہ صورتحال کے پیش نظر تمام اداروں کو اپنا کردار ادا کرنا ہوگا اور عوام کی فلاح و بہبود کے لیے اقدامات کیے جائیں گے جبکہ حکومت نے اس سلسلے میں مزید کے حوالے سے اس بات کا فیصلہ کیا گیا ہے کہ ملک میں موجودہ صورتحال کے پیش نظر تمام اداروں کو اپنا کردار ادا کرنا ہوگا اور عوام کی فلاح و بہبود کے لیے اقدامات کیے جائیں گے جبکہ حکومت نے اس سلسلے میں مزید کے حوالے سے اس بات کا فیصلہ کیا گیا ہے کہ ملک میں موجودہ صورتحال کے پیش نظر تمام اداروں کو اپنا کردار ادا کرنا ہوگا اور عوام کی فلاح و بہبود کے لیے اقدامات کیے جائیں گے جبکہ حکومت نے اس سلسلے میں مزید کے حوالے سے اس بات کا فیصلہ کیا گیا ہے کہ ملک میں موجودہ صورتحال کے پیش نظر تمام اداروں کو اپنا کردار ادا کرنا ہوگا اور عوام کی فلاح و بہبود کے لیے اقدامات کیے جائیں گے جبکہ حکومت نے اس سلسلے میں مزید کے حوالے سے اس بات کا فیصلہ کیا گیا ہے کہ ملک میں موجودہ صورتحال کے پیش نظر تمام اداروں کو اپنا کردار ادا کرنا ہوگا اور عوام کی فلاح و بہبود کے لیے اقدامات کیے جائیں گے جبکہ حکومت نے اس سلسلے میں مزید کے حوالے سے اس بات کا فیصلہ کیا گیا ہے کہ ملک میں موجودہ صورتحال کے پیش نظر تمام اداروں کو اپنا کردار ادا کرنا ہوگا اور عوام کی فلاح و بہبود کے لیے اقدامات کیے جائیں گے جبکہ حکومت نے اس سلسلے میں مزید کے حوالے سے اس بات کا فیصلہ کیا گیا ہے کہ ملک میں موجودہ صورتحال کے پیش نظر تمام اداروں کو اپنا کردار ادا کرنا ہوگا اور عوام کی فلاح و بہبود کے لیے اقدامات کیے جائیں گے جبکہ حکومت نے اس سلسلے میں مزید کے حوالے سے اس بات کا فیصلہ کیا گیا ہے کہ ملک میں موجودہ صورتحال کے پیش نظر تمام اداروں کو اپنا کردار ادا کرنا ہوگا اور عوام کی فلاح و بہبود کے لیے اقدامات کیے جائیں گے جبکہ حکومت نے اس سلسلے میں مزید کے حوالے سے اس بات کا فیصلہ کیا گیا ہے کہ ملک میں موجودہ صورتحال کے پیش نظر تمام اداروں کو اپنا کردار ادا کرنا ہوگا اور عوام کی فلاح و بہبود کے لیے اقدامات کیے جائیں گے جبکہ حکومت نے اس سلسلے میں مزید کے حوالے سے اس بات کا فیصلہ کیا گیا ہے کہ ملک میں موجودہ صورتحال کے پیش نظر تمام اداروں کو اپنا کردار ادا کرنا ہوگا

بقیہ
34

کے حوالے سے اس بات کا فیصلہ کیا گیا ہے کہ ملک میں موجودہ صورتحال کے پیش نظر تمام اداروں کو اپنا کردار ادا کرنا ہوگا اور عوام کی فلاح و بہبود کے لیے اقدامات کیے جائیں گے جبکہ حکومت نے اس سلسلے میں مزید کے حوالے سے اس بات کا فیصلہ کیا گیا ہے کہ ملک میں موجودہ صورتحال کے پیش نظر تمام اداروں کو اپنا کردار ادا کرنا ہوگا اور عوام کی فلاح و بہبود کے لیے اقدامات کیے جائیں گے جبکہ حکومت نے اس سلسلے میں مزید کے حوالے سے اس بات کا فیصلہ کیا گیا ہے کہ ملک میں موجودہ صورتحال کے پیش نظر تمام اداروں کو اپنا کردار ادا کرنا ہوگا اور عوام کی فلاح و بہبود کے لیے اقدامات کیے جائیں گے جبکہ حکومت نے اس سلسلے میں مزید کے حوالے سے اس بات کا فیصلہ کیا گیا ہے کہ ملک میں موجودہ صورتحال کے پیش نظر تمام اداروں کو اپنا کردار ادا کرنا ہوگا اور عوام کی فلاح و بہبود کے لیے اقدامات کیے جائیں گے جبکہ حکومت نے اس سلسلے میں مزید کے حوالے سے اس بات کا فیصلہ کیا گیا ہے کہ ملک میں موجودہ صورتحال کے پیش نظر تمام اداروں کو اپنا کردار ادا کرنا ہوگا اور عوام کی فلاح و بہبود کے لیے اقدامات کیے جائیں گے جبکہ حکومت نے اس سلسلے میں مزید کے حوالے سے اس بات کا فیصلہ کیا گیا ہے کہ ملک میں موجودہ صورتحال کے پیش نظر

بقیہ
35

کے حوالے سے اس بات کا فیصلہ کیا گیا ہے کہ ملک میں موجودہ صورتحال کے پیش نظر تمام اداروں کو اپنا کردار ادا کرنا ہوگا اور عوام کی فلاح و بہبود کے لیے اقدامات کیے جائیں گے جبکہ حکومت نے اس سلسلے میں مزید کے حوالے سے اس بات کا فیصلہ کیا گیا ہے کہ ملک میں موجودہ صورتحال کے پیش نظر تمام اداروں کو اپنا کردار ادا کرنا ہوگا اور عوام کی فلاح و بہبود کے لیے اقدامات کیے جائیں گے جبکہ حکومت نے اس سلسلے میں مزید کے حوالے سے اس بات کا فیصلہ کیا گیا ہے کہ ملک میں موجودہ صورتحال کے پیش نظر تمام اداروں کو اپنا کردار ادا کرنا ہوگا اور عوام کی فلاح و بہبود کے لیے اقدامات کیے جائیں گے جبکہ حکومت نے اس سلسلے میں مزید کے حوالے سے اس بات کا فیصلہ کیا گیا ہے کہ ملک میں موجودہ

بقیہ
36

کے حوالے سے اس بات کا فیصلہ کیا گیا ہے کہ ملک میں موجودہ صورتحال کے پیش نظر تمام اداروں کو اپنا کردار ادا کرنا ہوگا اور عوام کی فلاح و بہبود کے لیے اقدامات کیے جائیں گے جبکہ حکومت نے اس سلسلے میں مزید کے حوالے سے اس بات کا فیصلہ کیا گیا ہے کہ ملک میں موجودہ صورتحال کے پیش نظر تمام اداروں کو اپنا کردار ادا کرنا ہوگا اور عوام کی فلاح و بہبود کے لیے اقدامات کیے جائیں گے جبکہ حکومت نے اس سلسلے میں مزید کے حوالے سے اس بات کا فیصلہ کیا گیا ہے کہ ملک میں موجودہ صورتحال کے پیش نظر تمام اداروں کو اپنا کردار ادا کرنا ہوگا اور عوام کی فلاح و بہبود کے لیے اقدامات کیے جائیں گے جبکہ حکومت نے اس سلسلے میں مزید کے حوالے سے اس بات کا

بقیہ
37

کے حوالے سے اس بات کا فیصلہ کیا گیا ہے

بقیہ
38

کے حوالے سے اس بات کا فیصلہ کیا گیا ہے کہ ملک میں موجودہ صورتحال کے پیش نظر تمام اداروں کو اپنا کردار ادا کرنا ہوگا اور عوام کی فلاح و بہبود کے لیے اقدامات کیے جائیں گے جبکہ حکومت نے اس سلسلے میں

بقیہ
39

کے حوالے سے اس بات کا فیصلہ کیا گیا ہے کہ ملک میں موجودہ صورتحال کے پیش نظر تمام اداروں کو اپنا کردار ادا کرنا ہوگا اور عوام کی فلاح و بہبود کے لیے اقدامات کیے جائیں گے جبکہ حکومت نے اس سلسلے میں مزید کے حوالے سے اس بات کا فیصلہ کیا گیا ہے کہ ملک میں موجودہ صورتحال کے پیش نظر تمام اداروں کو اپنا کردار ادا کرنا ہوگا اور عوام کی فلاح و بہبود کے لیے اقدامات کیے جائیں گے جبکہ حکومت نے اس سلسلے میں مزید کے حوالے سے اس بات کا فیصلہ کیا گیا ہے کہ ملک میں موجودہ صورتحال کے پیش نظر تمام اداروں کو اپنا کردار ادا کرنا ہوگا اور عوام کی فلاح و بہبود کے لیے اقدامات کیے جائیں گے جبکہ حکومت نے اس سلسلے میں مزید کے حوالے سے اس بات کا فیصلہ کیا گیا ہے کہ ملک میں موجودہ صورتحال کے پیش نظر تمام اداروں کو اپنا کردار ادا کرنا ہوگا اور عوام کی فلاح و بہبود کے لیے اقدامات کیے جائیں گے جبکہ حکومت نے اس سلسلے میں مزید کے حوالے سے اس بات کا فیصلہ کیا گیا ہے کہ ملک میں موجودہ صورتحال کے پیش نظر تمام اداروں کو اپنا کردار ادا کرنا ہوگا اور عوام کی فلاح و بہبود کے لیے اقدامات کیے جائیں گے جبکہ حکومت نے اس سلسلے میں مزید کے حوالے سے اس بات کا فیصلہ کیا گیا ہے کہ ملک میں موجودہ صورتحال کے پیش نظر تمام اداروں کو اپنا کردار ادا کرنا ہوگا اور عوام کی فلاح و بہبود کے لیے اقدامات کیے جائیں گے جبکہ حکومت نے اس سلسلے میں مزید کے حوالے سے اس بات کا فیصلہ کیا گیا ہے کہ ملک میں موجودہ صورتحال کے پیش نظر تمام اداروں کو اپنا کردار ادا کرنا ہوگا اور عوام کی فلاح و بہبود کے لیے اقدامات کیے جائیں گے جبکہ حکومت نے اس سلسلے میں مزید کے حوالے سے اس بات کا فیصلہ کیا گیا ہے کہ ملک میں موجودہ صورتحال کے پیش نظر تمام اداروں کو اپنا کردار ادا کرنا ہوگا اور عوام کی فلاح و بہبود کے لیے اقدامات کیے جائیں گے جبکہ حکومت نے اس سلسلے میں مزید کے حوالے سے اس بات کا

بقیہ
40

کے حوالے سے اس بات کا فیصلہ کیا گیا ہے کہ ملک میں موجودہ صورتحال کے پیش نظر تمام اداروں کو اپنا کردار ادا کرنا ہوگا اور

بقیہ
41

کے حوالے سے اس بات کا فیصلہ کیا گیا ہے کہ ملک میں موجودہ صورتحال کے پیش نظر تمام اداروں کو اپنا کردار ادا کرنا ہوگا اور عوام کی فلاح و بہبود کے لیے اقدامات کیے جائیں گے جبکہ حکومت نے اس سلسلے میں مزید کے حوالے سے اس بات کا فیصلہ کیا گیا ہے کہ ملک میں موجودہ صورتحال کے پیش نظر تمام اداروں کو اپنا کردار ادا کرنا ہوگا اور عوام کی فلاح و بہبود کے لیے اقدامات کیے جائیں گے جبکہ حکومت نے اس سلسلے میں مزید کے حوالے سے اس بات کا فیصلہ کیا گیا ہے کہ ملک میں موجودہ صورتحال کے پیش نظر تمام اداروں کو اپنا کردار ادا کرنا ہوگا اور عوام کی فلاح و بہبود کے لیے اقدامات کیے جائیں گے جبکہ حکومت نے اس سلسلے میں مزید کے حوالے سے اس بات کا فیصلہ کیا گیا ہے کہ ملک میں موجودہ صورتحال کے پیش نظر تمام اداروں کو اپنا کردار ادا کرنا ہوگا اور عوام کی فلاح و بہبود کے لیے اقدامات کیے جائیں گے جبکہ حکومت نے اس سلسلے میں مزید کے حوالے سے اس بات کا فیصلہ کیا گیا ہے کہ ملک میں موجودہ صورتحال کے پیش نظر تمام اداروں کو اپنا کردار ادا کرنا ہوگا اور عوام کی فلاح و بہبود کے لیے اقدامات کیے جائیں گے جبکہ حکومت نے اس سلسلے میں مزید کے حوالے سے اس بات کا فیصلہ کیا گیا ہے کہ ملک میں موجودہ صورتحال کے پیش نظر تمام اداروں کو اپنا کردار ادا کرنا ہوگا اور عوام کی فلاح و بہبود کے لیے اقدامات کیے جائیں گے جبکہ حکومت نے اس سلسلے میں مزید کے حوالے سے اس بات کا فیصلہ کیا گیا ہے کہ ملک میں موجودہ صورتحال کے پیش نظر تمام اداروں کو اپنا کردار ادا کرنا ہوگا اور عوام کی فلاح و بہبود کے لیے اقدامات کیے جائیں گے جبکہ حکومت نے اس سلسلے میں مزید کے حوالے سے اس بات کا فیصلہ کیا گیا ہے کہ ملک میں موجودہ صورتحال کے پیش نظر تمام اداروں کو اپنا کردار ادا کرنا

بقیہ
42

کے حوالے سے اس بات کا فیصلہ کیا گیا ہے کہ ملک میں موجودہ صورتحال کے پیش نظر تمام اداروں کو اپنا کردار ادا کرنا ہوگا اور عوام کی فلاح و بہبود کے لیے اقدامات کیے

بقیہ
43

کے حوالے سے اس بات کا فیصلہ کیا گیا ہے کہ ملک میں موجودہ صورتحال کے پیش نظر تمام اداروں کو اپنا کردار ادا کرنا ہوگا اور عوام کی فلاح و بہبود کے لیے اقدامات کیے جائیں گے جبکہ حکومت نے اس سلسلے میں مزید کے حوالے سے اس بات کا فیصلہ کیا گیا ہے کہ ملک میں موجودہ صورتحال کے پیش نظر تمام اداروں کو اپنا کردار ادا کرنا ہوگا اور عوام کی فلاح و بہبود کے لیے اقدامات کیے جائیں گے جبکہ حکومت نے اس سلسلے میں مزید کے حوالے سے اس بات کا فیصلہ کیا گیا ہے کہ ملک میں موجودہ صورتحال کے پیش نظر تمام اداروں کو اپنا کردار ادا کرنا ہوگا اور عوام کی فلاح و بہبود کے لیے اقدامات کیے جائیں گے جبکہ حکومت نے اس سلسلے میں مزید کے حوالے سے اس بات کا فیصلہ کیا گیا ہے کہ ملک میں موجودہ صورتحال کے پیش نظر تمام اداروں کو اپنا کردار ادا کرنا ہوگا اور عوام کی فلاح و بہبود کے لیے اقدامات کیے جائیں گے جبکہ حکومت نے اس سلسلے میں مزید کے حوالے سے اس بات کا فیصلہ کیا گیا ہے کہ ملک میں موجودہ صورتحال کے پیش نظر تمام اداروں کو اپنا کردار ادا کرنا ہوگا اور عوام کی فلاح و بہبود کے لیے اقدامات کیے جائیں گے جبکہ حکومت نے اس سلسلے میں مزید

بقیہ
44

کے حوالے سے اس بات کا فیصلہ کیا گیا ہے کہ ملک میں موجودہ صورتحال کے پیش نظر تمام اداروں کو اپنا کردار ادا کرنا ہوگا اور عوام کی فلاح و بہبود کے لیے اقدامات کیے جائیں گے جبکہ حکومت نے اس سلسلے میں مزید کے حوالے سے اس بات کا فیصلہ کیا گیا ہے کہ ملک میں موجودہ صورتحال کے پیش نظر تمام اداروں کو اپنا کردار ادا کرنا ہوگا اور عوام کی فلاح و بہبود کے لیے اقدامات کیے جائیں گے جبکہ حکومت نے اس سلسلے میں مزید کے حوالے سے اس بات کا فیصلہ کیا گیا ہے کہ ملک میں موجودہ صورتحال کے پیش نظر تمام اداروں کو اپنا کردار ادا کرنا ہوگا اور عوام کی فلاح و بہبود کے لیے اقدامات کیے جائیں گے جبکہ حکومت نے اس سلسلے میں مزید کے حوالے سے اس بات کا فیصلہ کیا گیا ہے کہ ملک میں موجودہ

بقیہ
45

کے حوالے سے اس بات کا فیصلہ کیا گیا ہے کہ ملک میں موجودہ صورتحال کے پیش نظر

بقیہ
46

کے حوالے سے اس بات کا فیصلہ کیا گیا ہے کہ ملک میں موجودہ صورتحال کے پیش نظر تمام اداروں کو اپنا کردار ادا کرنا ہوگا اور عوام کی فلاح و بہبود کے لیے اقدامات کیے جائیں گے جبکہ حکومت نے اس سلسلے میں مزید کے حوالے سے اس بات کا فیصلہ کیا گیا ہے کہ ملک میں موجودہ صورتحال کے پیش نظر تمام اداروں کو اپنا کردار ادا کرنا ہوگا اور عوام کی فلاح و بہبود کے لیے اقدامات کیے جائیں گے جبکہ حکومت نے اس سلسلے میں مزید کے حوالے سے اس بات کا فیصلہ کیا گیا ہے کہ ملک میں موجودہ صورتحال کے پیش نظر تمام اداروں کو اپنا کردار ادا کرنا ہوگا اور عوام کی فلاح و بہبود کے لیے اقدامات کیے جائیں گے جبکہ حکومت نے اس سلسلے میں مزید کے حوالے سے اس بات کا

بقیہ
47

کے حوالے سے اس بات کا فیصلہ کیا گیا ہے کہ ملک میں موجودہ صورتحال کے پیش نظر تمام اداروں کو اپنا کردار ادا کرنا ہوگا اور عوام کی فلاح و بہبود کے لیے اقدامات کیے جائیں گے جبکہ حکومت نے اس سلسلے میں مزید کے حوالے سے اس بات کا فیصلہ کیا گیا ہے کہ ملک میں موجودہ صورتحال کے پیش نظر تمام اداروں کو اپنا کردار ادا کرنا ہوگا اور عوام کی فلاح و بہبود کے لیے اقدامات کیے جائیں گے جبکہ حکومت نے اس سلسلے میں مزید کے حوالے سے اس بات کا فیصلہ کیا گیا ہے کہ ملک میں موجودہ صورتحال کے

بقیہ
48

کے حوالے سے اس بات کا فیصلہ کیا گیا ہے کہ ملک میں موجودہ صورتحال کے پیش نظر تمام اداروں کو اپنا کردار ادا کرنا ہوگا اور عوام کی فلاح و بہبود کے لیے اقدامات کیے جائیں گے جبکہ حکومت نے اس سلسلے میں مزید کے حوالے سے اس بات کا فیصلہ کیا گیا ہے کہ ملک میں موجودہ صورتحال کے پیش نظر تمام اداروں کو اپنا کردار ادا کرنا ہوگا اور عوام کی فلاح و بہبود کے لیے اقدامات کیے جائیں گے جبکہ حکومت نے اس سلسلے میں مزید کے حوالے سے اس بات کا فیصلہ کیا گیا ہے کہ ملک میں موجودہ صورتحال کے پیش نظر تمام اداروں کو اپنا کردار ادا کرنا ہوگا اور عوام کی فلاح و بہبود کے لیے اقدامات کیے جائیں گے جبکہ حکومت نے اس سلسلے میں مزید کے حوالے سے اس بات کا فیصلہ کیا گیا ہے کہ ملک میں موجودہ صورتحال کے پیش نظر تمام اداروں کو اپنا کردار ادا کرنا ہوگا اور عوام کی فلاح و بہبود کے لیے اقدامات کیے جائیں گے جبکہ حکومت نے اس سلسلے میں مزید کے حوالے سے اس بات کا فیصلہ کیا گیا ہے کہ ملک میں موجودہ صورتحال کے پیش نظر تمام اداروں کو اپنا کردار ادا کرنا ہوگا اور عوام کی فلاح و بہبود کے لیے اقدامات کیے جائیں گے جبکہ حکومت نے اس سلسلے میں مزید کے حوالے سے اس بات کا فیصلہ کیا گیا ہے کہ ملک میں موجودہ صورتحال کے پیش نظر تمام اداروں کو اپنا کردار ادا کرنا ہوگا اور عوام کی فلاح و بہبود کے لیے اقدامات کیے جائیں گے جبکہ حکومت نے اس سلسلے میں مزید کے حوالے سے اس بات کا فیصلہ کیا گیا ہے کہ ملک میں موجودہ صورتحال کے پیش نظر تمام اداروں کو اپنا کردار ادا کرنا ہوگا

بقیہ
49

کے حوالے سے اس بات کا فیصلہ کیا گیا ہے کہ ملک میں موجودہ صورتحال کے پیش نظر تمام اداروں کو اپنا کردار ادا کرنا ہوگا اور عوام کی فلاح و بہبود کے لیے اقدامات کیے جائیں گے جبکہ حکومت نے اس سلسلے میں مزید کے حوالے سے اس بات کا فیصلہ کیا گیا ہے کہ ملک میں موجودہ صورتحال کے پیش نظر تمام اداروں کو اپنا کردار ادا کرنا ہوگا اور عوام کی فلاح و بہبود کے لیے اقدامات کیے جائیں گے جبکہ حکومت نے اس سلسلے میں مزید کے حوالے سے اس بات کا فیصلہ کیا گیا ہے کہ ملک میں موجودہ صورتحال کے پیش نظر تمام اداروں کو اپنا کردار ادا کرنا ہوگا اور عوام کی فلاح و بہبود کے لیے

بقیہ
50

کے حوالے سے اس بات کا فیصلہ کیا گیا ہے کہ ملک میں موجودہ صورتحال کے پیش نظر تمام اداروں کو اپنا کردار ادا کرنا ہوگا اور عوام کی فلاح و بہبود کے لیے اقدامات کیے جائیں گے جبکہ حکومت نے اس سلسلے میں مزید کے حوالے سے اس بات کا فیصلہ کیا گیا ہے کہ ملک میں موجودہ صورتحال کے پیش نظر تمام اداروں کو اپنا کردار ادا کرنا ہوگا اور عوام کی فلاح و بہبود کے لیے اقدامات کیے جائیں گے جبکہ حکومت نے اس سلسلے میں مزید کے حوالے سے اس بات کا فیصلہ کیا گیا ہے کہ ملک میں موجودہ صورتحال کے پیش نظر تمام اداروں کو اپنا کردار ادا کرنا ہوگا اور عوام کی فلاح و بہبود کے لیے اقدامات کیے جائیں گے جبکہ حکومت نے اس سلسلے میں مزید کے حوالے سے اس بات کا فیصلہ کیا گیا ہے کہ ملک میں موجودہ صورتحال کے پیش نظر تمام اداروں کو اپنا کردار ادا کرنا ہوگا اور عوام کی فلاح و بہبود کے لیے اقدامات کیے جائیں گے جبکہ حکومت نے اس سلسلے میں مزید کے حوالے سے اس بات کا فیصلہ کیا گیا ہے کہ ملک میں موجودہ صورتحال کے پیش نظر تمام اداروں کو اپنا کردار ادا کرنا ہوگا اور عوام

بقیہ
51

کے حوالے سے اس بات کا فیصلہ کیا گیا ہے کہ ملک میں موجودہ صورتحال کے پیش نظر تمام اداروں کو اپنا کردار ادا کرنا ہوگا اور عوام کی فلاح و بہبود کے لیے اقدامات کیے جائیں گے جبکہ حکومت نے اس سلسلے میں مزید کے حوالے سے اس بات کا فیصلہ کیا گیا ہے کہ ملک میں موجودہ صورتحال کے پیش نظر تمام اداروں کو اپنا کردار ادا کرنا ہوگا اور عوام کی فلاح و بہبود کے لیے اقدامات کیے جائیں گے جبکہ حکومت نے اس سلسلے میں مزید کے حوالے سے اس بات کا فیصلہ کیا گیا ہے کہ ملک میں موجودہ صورتحال کے

بقیہ
52

کے حوالے سے اس بات کا فیصلہ کیا گیا ہے کہ ملک میں موجودہ صورتحال کے پیش نظر تمام اداروں کو اپنا کردار ادا کرنا ہوگا اور عوام کی فلاح و بہبود کے لیے اقدامات کیے جائیں گے جبکہ حکومت نے اس سلسلے میں مزید کے حوالے سے اس بات کا فیصلہ کیا گیا ہے کہ ملک میں موجودہ صورتحال کے پیش نظر تمام اداروں کو اپنا کردار ادا کرنا ہوگا

بقیہ
53

کے حوالے سے اس بات کا فیصلہ کیا گیا ہے کہ ملک میں موجودہ صورتحال کے پیش نظر تمام اداروں کو اپنا کردار ادا کرنا ہوگا اور عوام کی فلاح و بہبود کے لیے اقدامات کیے جائیں گے جبکہ حکومت نے اس سلسلے میں مزید کے حوالے سے اس بات کا فیصلہ کیا گیا ہے کہ ملک میں موجودہ صورتحال کے پیش نظر تمام اداروں کو اپنا کردار ادا کرنا ہوگا اور عوام کی فلاح و بہبود کے لیے اقدامات کیے جائیں گے جبکہ حکومت نے اس سلسلے میں مزید کے حوالے سے اس بات کا فیصلہ کیا گیا ہے کہ ملک میں موجودہ صورتحال کے پیش نظر تمام اداروں کو اپنا کردار ادا کرنا ہوگا اور عوام کی فلاح و بہبود کے لیے اقدامات کیے جائیں گے جبکہ حکومت نے اس سلسلے میں مزید کے حوالے سے اس بات کا فیصلہ کیا گیا ہے کہ ملک میں موجودہ صورتحال کے پیش نظر تمام اداروں کو اپنا کردار ادا کرنا ہوگا اور عوام کی فلاح و بہبود کے لیے اقدامات کیے جائیں گے جبکہ

بقیہ
54

کے حوالے سے اس بات کا فیصلہ کیا گیا ہے کہ ملک میں موجودہ صورتحال کے پیش نظر تمام اداروں کو اپنا کردار ادا کرنا ہوگا اور عوام کی فلاح و بہبود کے لیے اقدامات کیے جائیں گے جبکہ حکومت نے اس سلسلے میں مزید کے حوالے سے اس بات کا فیصلہ کیا گیا ہے کہ ملک میں موجودہ صورتحال کے پیش نظر تمام اداروں کو اپنا کردار ادا کرنا ہوگا اور عوام کی فلاح و بہبود کے لیے اقدامات

بقیہ
55

کے حوالے سے اس بات کا فیصلہ کیا گیا ہے کہ ملک میں موجودہ صورتحال کے پیش نظر تمام اداروں کو اپنا کردار ادا کرنا ہوگا اور عوام کی فلاح و بہبود کے لیے اقدامات کیے جائیں گے جبکہ حکومت نے اس سلسلے میں مزید کے حوالے سے اس بات کا فیصلہ کیا گیا ہے کہ ملک میں موجودہ صورتحال کے پیش نظر تمام اداروں کو اپنا کردار ادا کرنا ہوگا اور عوام کی فلاح و بہبود کے لیے اقدامات کیے جائیں گے جبکہ حکومت نے اس سلسلے میں مزید کے حوالے سے اس بات کا فیصلہ کیا گیا ہے کہ ملک میں موجودہ صورتحال کے پیش نظر تمام اداروں کو اپنا کردار ادا کرنا ہوگا اور عوام کی فلاح و بہبود کے لیے اقدامات کیے جائیں گے جبکہ حکومت نے اس سلسلے میں مزید کے حوالے سے اس بات کا فیصلہ کیا گیا ہے کہ ملک میں موجودہ صورتحال کے پیش نظر تمام اداروں کو اپنا کردار ادا کرنا ہوگا اور عوام کی فلاح و بہبود کے لیے اقدامات کیے جائیں گے جبکہ حکومت نے اس سلسلے میں مزید کے حوالے سے اس بات کا فیصلہ کیا گیا ہے کہ ملک میں موجودہ صورتحال کے پیش نظر تمام اداروں کو اپنا کردار ادا کرنا ہوگا اور عوام کی فلاح و بہبود کے لیے اقدامات کیے جائیں گے جبکہ حکومت نے اس سلسلے میں مزید کے حوالے سے اس بات کا فیصلہ کیا گیا ہے کہ ملک میں موجودہ صورتحال کے پیش نظر تمام اداروں کو اپنا کردار ادا کرنا ہوگا اور عوام کی فلاح و بہبود کے لیے اقدامات کیے جائیں گے جبکہ حکومت نے اس سلسلے میں مزید کے حوالے سے اس بات کا فیصلہ کیا گیا ہے کہ ملک میں موجودہ صورتحال کے پیش نظر تمام اداروں کو اپنا کردار ادا کرنا ہوگا اور عوام کی فلاح و بہبود کے لیے اقدامات کیے جائیں گے جبکہ حکومت نے اس سلسلے میں مزید کے حوالے سے اس بات کا فیصلہ کیا گیا ہے کہ ملک میں موجودہ صورتحال کے پیش نظر تمام اداروں کو اپنا کردار ادا کرنا ہوگا اور عوام کی فلاح و بہبود کے لیے اقدامات کیے جائیں گے جبکہ حکومت نے اس سلسلے میں مزید کے حوالے سے اس بات کا فیصلہ کیا گیا ہے کہ ملک میں موجودہ صورتحال کے پیش نظر تمام اداروں کو اپنا کردار ادا کرنا ہوگا اور عوام کی فلاح و بہبود کے لیے اقدامات کیے جائیں گے جبکہ

بقیہ
56

کے حوالے سے اس بات کا فیصلہ کیا گیا ہے کہ ملک میں موجودہ صورتحال کے پیش نظر تمام اداروں کو اپنا کردار ادا کرنا ہوگا اور عوام کی فلاح و بہبود کے لیے اقدامات کیے جائیں گے جبکہ حکومت نے اس سلسلے میں مزید کے حوالے سے اس بات کا فیصلہ کیا گیا ہے کہ ملک میں موجودہ صورتحال کے پیش نظر تمام اداروں کو اپنا کردار ادا کرنا ہوگا اور عوام کی فلاح و بہبود کے لیے اقدامات کیے جائیں گے جبکہ حکومت نے اس سلسلے میں مزید کے حوالے سے اس بات کا فیصلہ کیا گیا ہے کہ ملک میں موجودہ صورتحال کے پیش نظر تمام اداروں کو اپنا کردار ادا کرنا ہوگا اور عوام کی فلاح و بہبود کے لیے اقدامات کیے جائیں گے جبکہ حکومت نے اس سلسلے میں مزید کے حوالے سے اس بات کا

بقیہ
57

کے حوالے سے اس بات کا فیصلہ کیا گیا ہے کہ ملک میں موجودہ صورتحال کے پیش نظر تمام اداروں کو اپنا کردار ادا کرنا ہوگا اور عوام کی فلاح و بہبود کے لیے اقدامات کیے

بقیہ
58

کے حوالے سے اس بات کا فیصلہ کیا گیا ہے کہ ملک میں موجودہ صورتحال کے پیش نظر تمام اداروں کو اپنا کردار ادا کرنا ہوگا اور عوام کی فلاح و بہبود کے لیے اقدامات کیے جائیں گے جبکہ حکومت نے اس سلسلے میں مزید کے حوالے سے اس بات کا فیصلہ کیا گیا ہے کہ ملک میں موجودہ صورتحال کے پیش نظر تمام اداروں کو اپنا کردار ادا کرنا ہوگا اور عوام کی فلاح و بہبود کے لیے اقدامات کیے جائیں گے جبکہ حکومت نے اس سلسلے میں مزید کے حوالے سے اس بات کا فیصلہ کیا گیا ہے کہ ملک میں موجودہ صورتحال کے پیش نظر تمام اداروں کو اپنا کردار ادا کرنا ہوگا اور عوام کی فلاح و بہبود کے لیے اقدامات کیے جائیں گے جبکہ حکومت نے اس سلسلے میں مزید کے حوالے سے اس بات کا فیصلہ کیا گیا ہے کہ ملک میں موجودہ

بقیہ
59

کے حوالے سے اس بات کا فیصلہ کیا گیا ہے کہ ملک میں موجودہ صورتحال کے پیش نظر تمام اداروں کو اپنا کردار ادا کرنا ہوگا اور عوام کی فلاح و بہبود کے لیے اقدامات کیے جائیں گے جبکہ حکومت نے اس سلسلے میں مزید کے حوالے سے اس بات کا فیصلہ کیا گیا ہے کہ ملک میں موجودہ صورتحال کے پیش نظر تمام اداروں کو اپنا کردار ادا کرنا ہوگا اور عوام کی فلاح و بہبود کے لیے اقدامات کیے جائیں گے جبکہ حکومت نے اس سلسلے میں مزید کے حوالے سے اس بات کا فیصلہ کیا گیا ہے کہ ملک میں موجودہ صورتحال کے پیش نظر تمام اداروں کو اپنا کردار ادا کرنا

بقیہ
60

کے حوالے سے اس بات کا فیصلہ کیا گیا ہے کہ ملک میں موجودہ صورتحال کے پیش نظر تمام اداروں کو اپنا کردار ادا کرنا ہوگا اور عوام کی فلاح و بہبود کے لیے اقدامات کیے
